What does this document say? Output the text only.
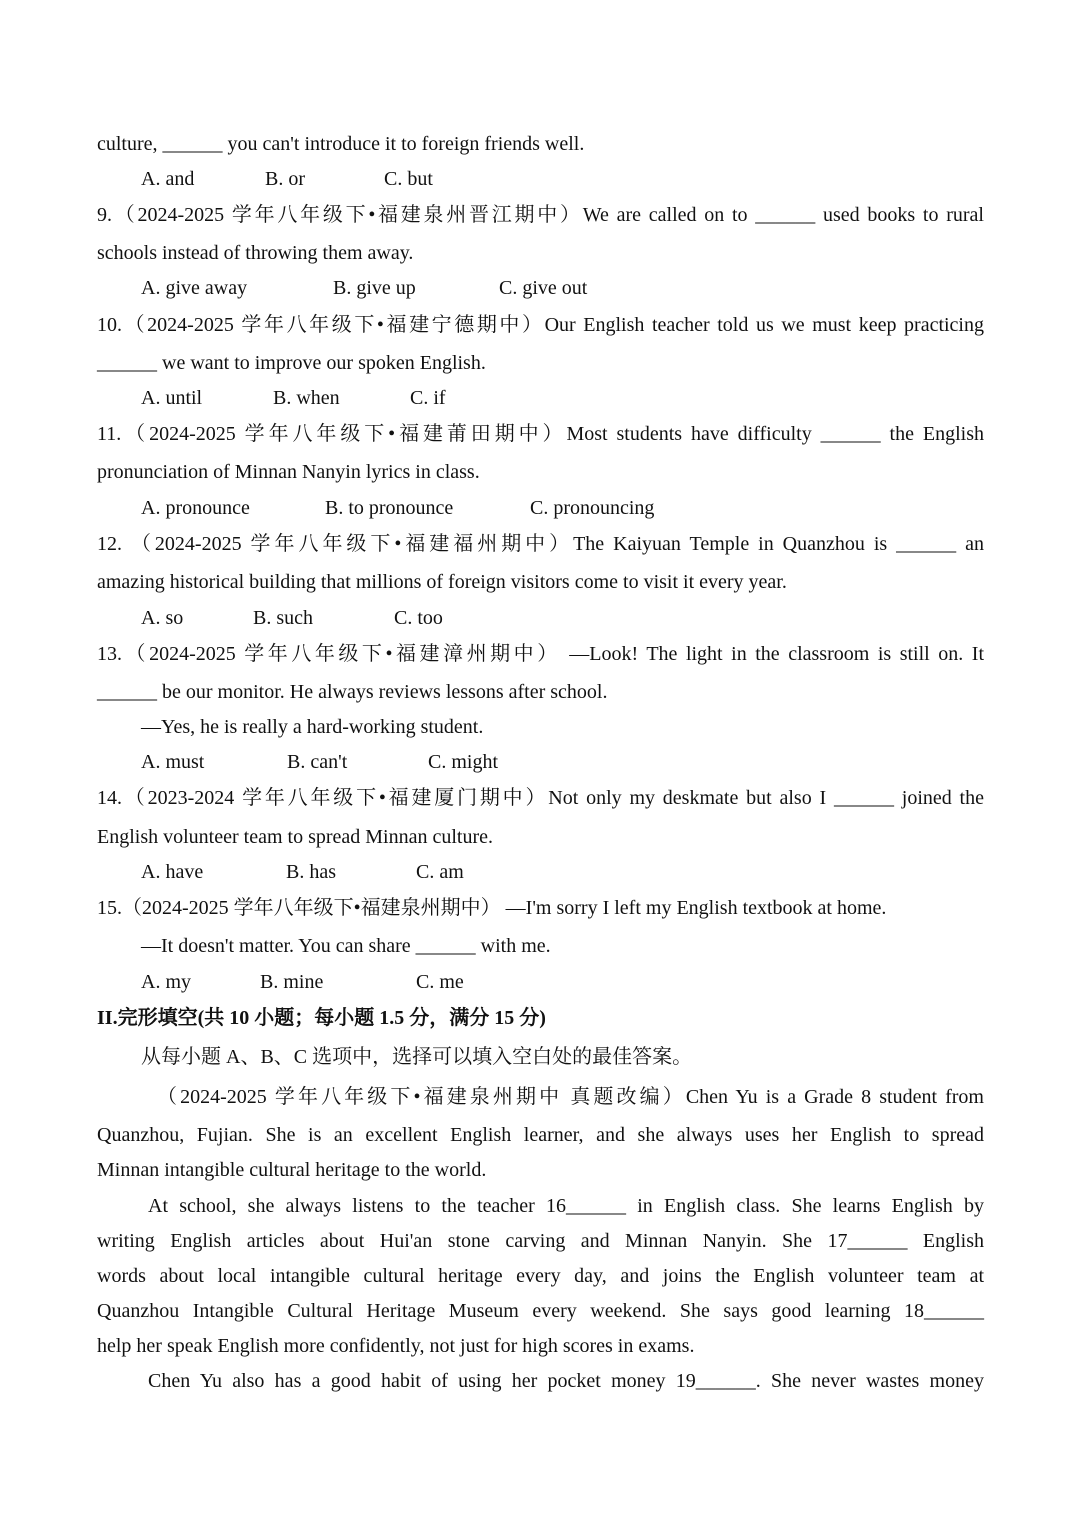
culture, ______ you can't introduce it to foreign friends well.

A. and

	B. or

	C. but

9.（2024-2025 学年八年级下•福建泉州晋江期中）We are called on to ______ used books to rural
schools instead of throwing them away.

A. give away

	B. give up

	C. give out

10.（2024-2025 学年八年级下•福建宁德期中）Our English teacher told us we must keep practicing
______ we want to improve our spoken English.

A. until

	B. when

	C. if

11.（2024-2025 学年八年级下•福建莆田期中）Most students have difficulty ______ the English
pronunciation of Minnan Nanyin lyrics in class.

A. pronounce

	B. to pronounce

	C. pronouncing

12. （2024-2025 学年八年级下•福建福州期中）The Kaiyuan Temple in Quanzhou is ______ an
amazing historical building that millions of foreign visitors come to visit it every year.

A. so

	B. such

	C. too

13.（2024-2025 学年八年级下•福建漳州期中） —Look! The light in the classroom is still on. It
______ be our monitor. He always reviews lessons after school.
—Yes, he is really a hard-working student.

A. must

	B. can't

	C. might

14.（2023-2024 学年八年级下•福建厦门期中）Not only my deskmate but also I ______ joined the
English volunteer team to spread Minnan culture.

A. have

	B. has

	C. am

15.（2024-2025 学年八年级下•福建泉州期中） —I'm sorry I left my English textbook at home.
—It doesn't matter. You can share ______ with me.

A. my

	B. mine

	C. me

II.完形填空(共 10 小题；每小题 1.5 分，满分 15 分)
从每小题 A、B、C 选项中，选择可以填入空白处的最佳答案。
（2024-2025 学年八年级下•福建泉州期中 真题改编）Chen Yu is a Grade 8 student from
Quanzhou, Fujian. She is an excellent English learner, and she always uses her English to spread
Minnan intangible cultural heritage to the world.
At school, she always listens to the teacher 16______ in English class. She learns English by
writing English articles about Hui'an stone carving and Minnan Nanyin. She 17______ English
words about local intangible cultural heritage every day, and joins the English volunteer team at
Quanzhou Intangible Cultural Heritage Museum every weekend. She says good learning 18______
help her speak English more confidently, not just for high scores in exams.
Chen Yu also has a good habit of using her pocket money 19______. She never wastes money
